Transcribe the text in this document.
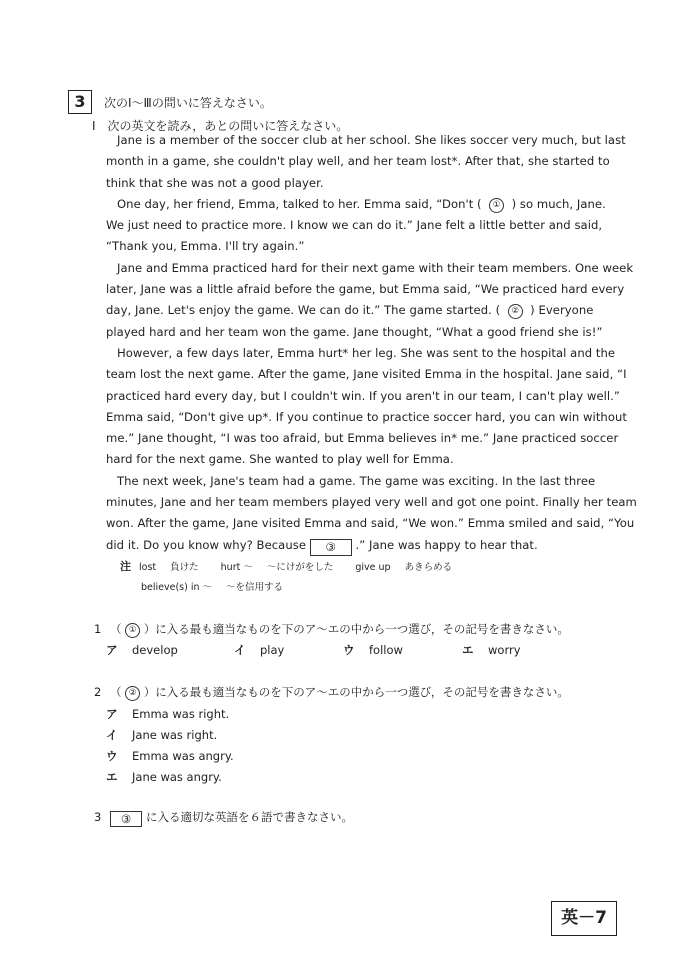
3	次のⅠ～Ⅲの問いに答えなさい。
Ⅰ　次の英文を読み，あとの問いに答えなさい。
Jane is a member of the soccer club at her school. She likes soccer very much, but last
month in a game, she couldn't play well, and her team lost*. After that, she started to
think that she was not a good player.
One day, her friend, Emma, talked to her. Emma said, “Don't ( ① ) so much, Jane.
We just need to practice more. I know we can do it.” Jane felt a little better and said,
“Thank you, Emma. I'll try again.”
Jane and Emma practiced hard for their next game with their team members. One week
later, Jane was a little afraid before the game, but Emma said, “We practiced hard every
day, Jane. Let's enjoy the game. We can do it.” The game started. ( ② ) Everyone
played hard and her team won the game. Jane thought, “What a good friend she is!”
However, a few days later, Emma hurt* her leg. She was sent to the hospital and the
team lost the next game. After the game, Jane visited Emma in the hospital. Jane said, “I
practiced hard every day, but I couldn't win. If you aren't in our team, I can't play well.”
Emma said, “Don't give up*. If you continue to practice soccer hard, you can win without
me.” Jane thought, “I was too afraid, but Emma believes in* me.” Jane practiced soccer
hard for the next game. She wanted to play well for Emma.
The next week, Jane's team had a game. The game was exciting. In the last three
minutes, Jane and her team members played very well and got one point. Finally her team
won. After the game, Jane visited Emma and said, “We won.” Emma smiled and said, “You
did it. Do you know why? Because ③ .” Jane was happy to hear that.
注 lost 負けた hurt ～ ～にけがをした give up あきらめる
believe(s) in ～ ～を信用する
1 （ ① ）に入る最も適当なものを下のア～エの中から一つ選び，その記号を書きなさい。
ア develop	イ play	ウ follow	エ worry
2 （ ② ）に入る最も適当なものを下のア～エの中から一つ選び，その記号を書きなさい。
ア Emma was right.
イ Jane was right.
ウ Emma was angry.
エ Jane was angry.
3 ③ に入る適切な英語を６語で書きなさい。
英－7
